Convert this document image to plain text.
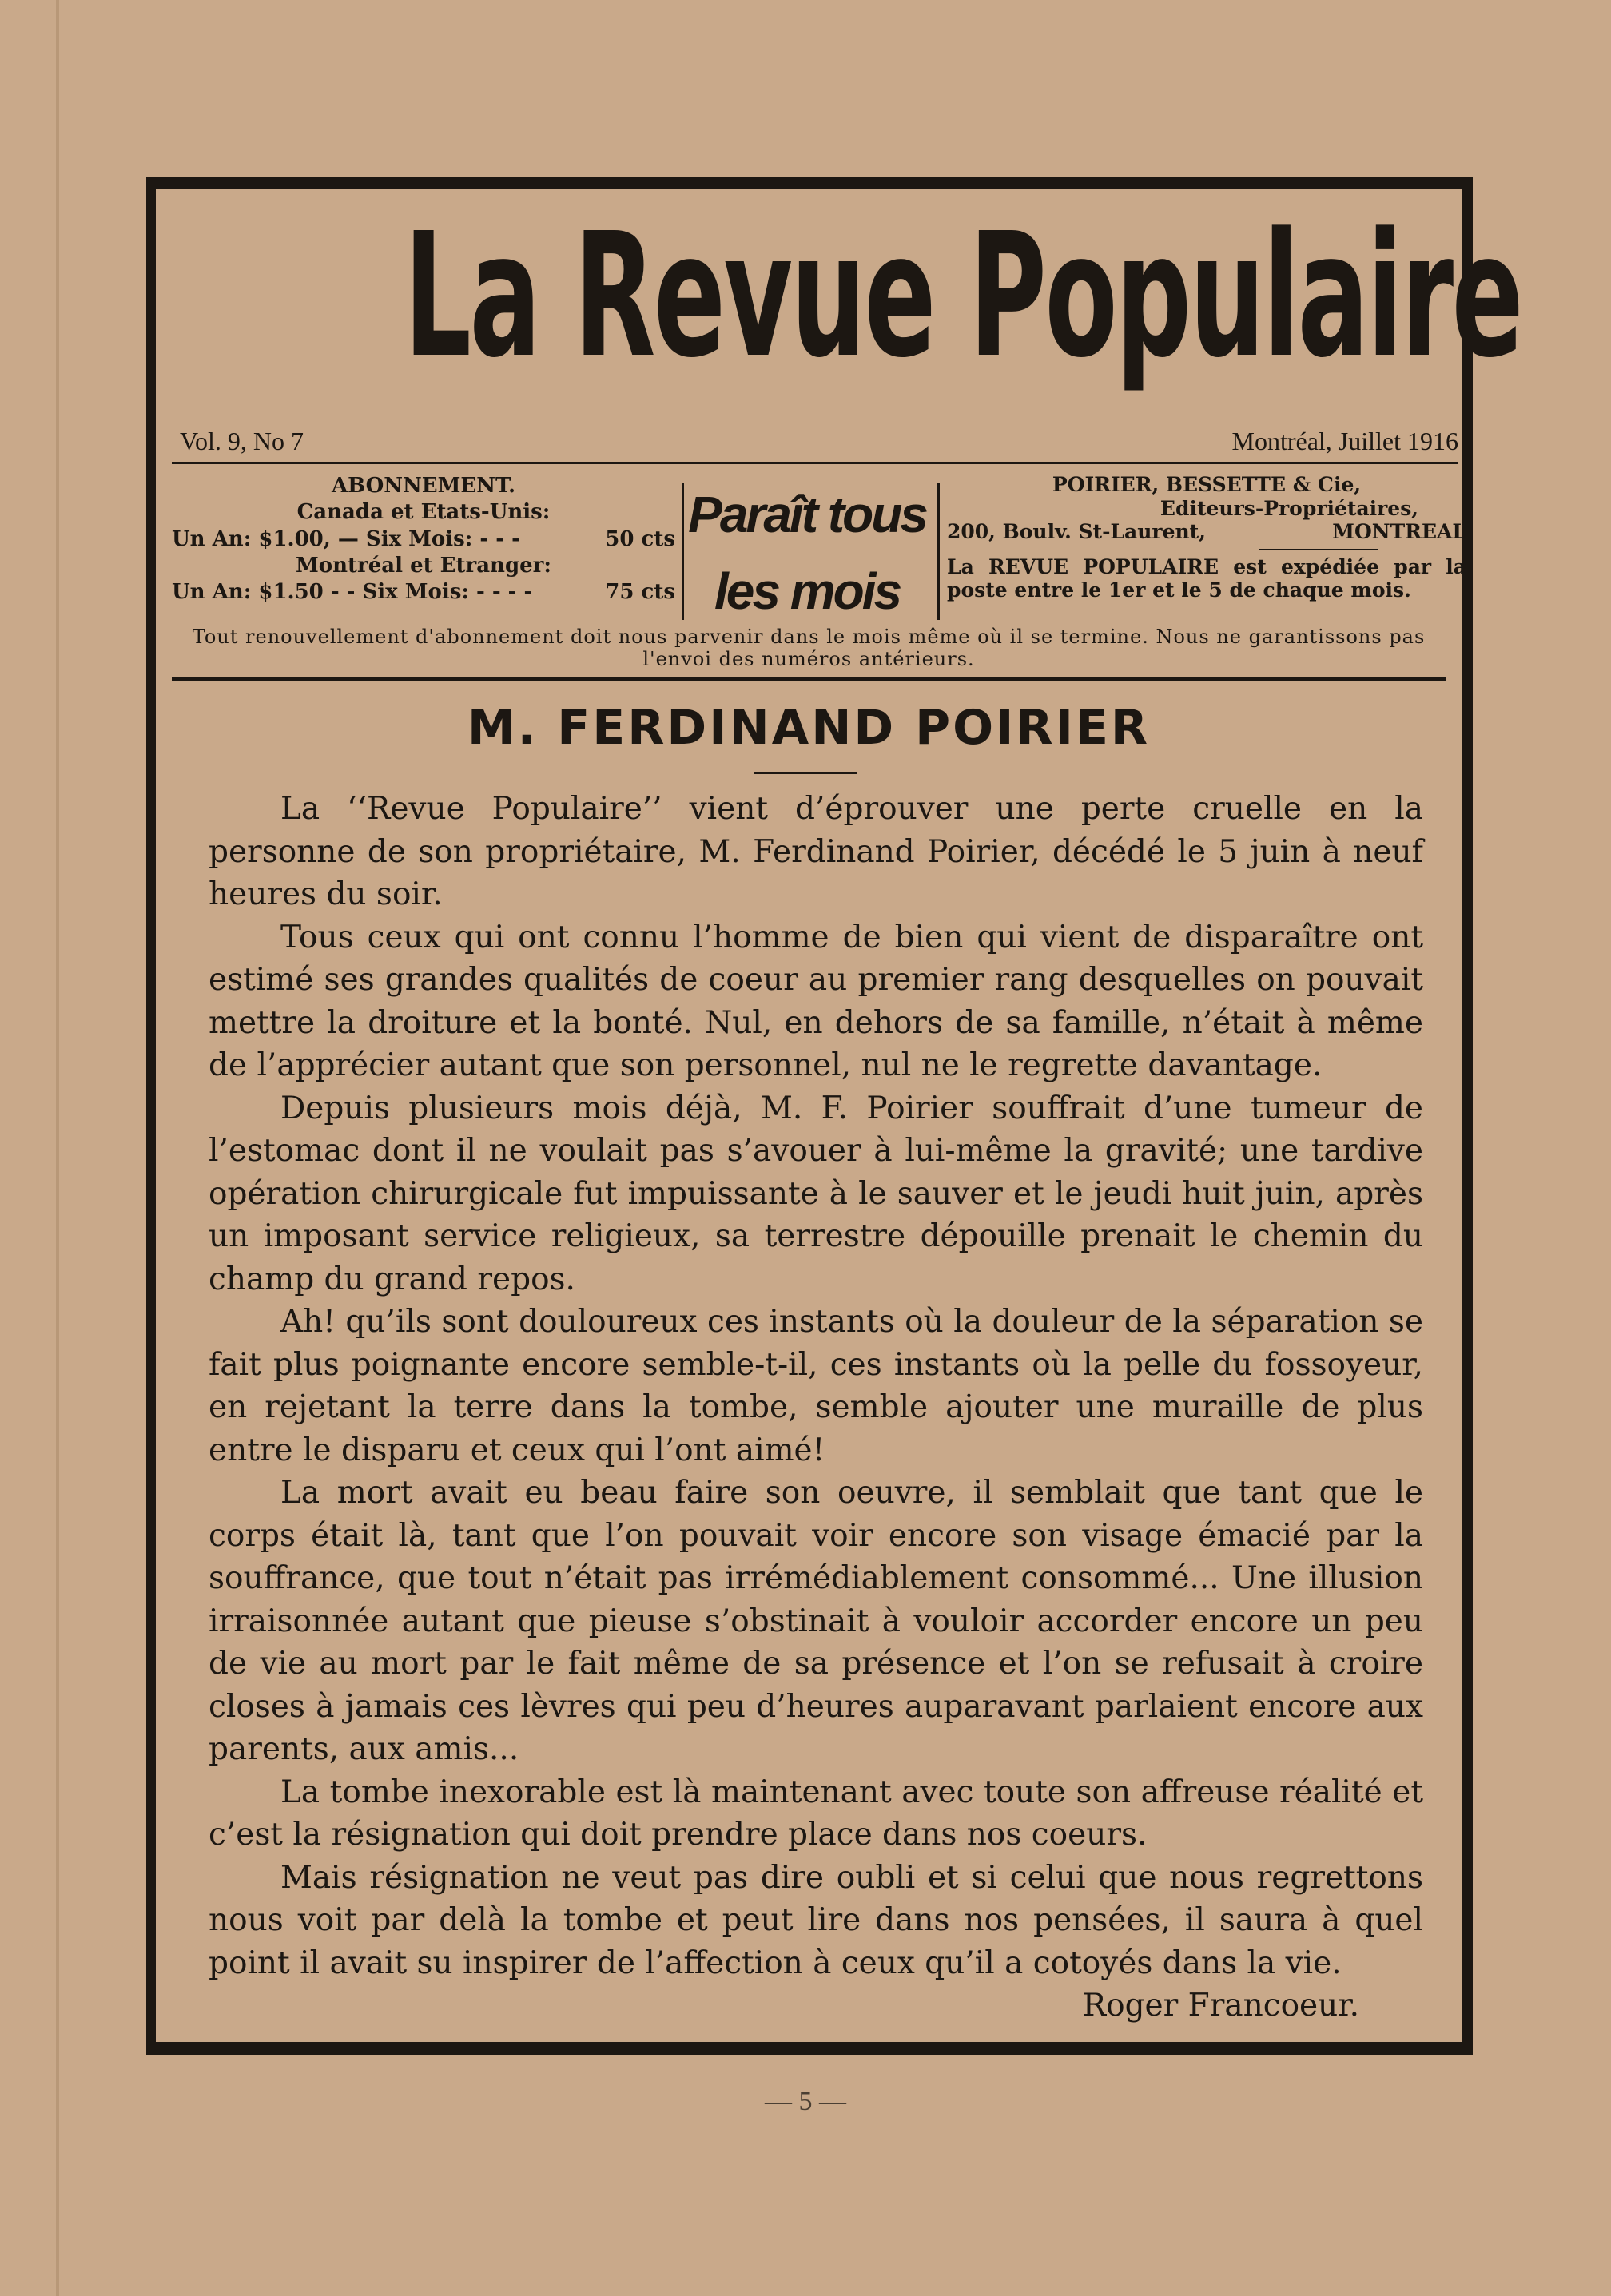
La Revue Populaire
Vol. 9, No 7	Montréal, Juillet 1916
ABONNEMENT.
Canada et Etats-Unis:
Un An: $1.00, — Six Mois: - - -	50 cts
Montréal et Etranger:
Un An: $1.50 - - Six Mois: - - - -	75 cts
Paraît tous
les mois
POIRIER, BESSETTE & Cie,
Editeurs-Propriétaires,
200, Boulv. St-Laurent,	MONTREAL

La REVUE POPULAIRE est expédiée par la poste entre le 1er et le 5 de chaque mois.

Tout renouvellement d'abonnement doit nous parvenir dans le mois même où il se termine. Nous ne garantissons pas l'envoi des numéros antérieurs.
M. FERDINAND POIRIER

La ‘‘Revue Populaire’’ vient d’éprouver une perte cruelle en la personne de son propriétaire, M. Ferdinand Poirier, décédé le 5 juin à neuf heures du soir.

Tous ceux qui ont connu l’homme de bien qui vient de disparaître ont estimé ses grandes qualités de coeur au premier rang desquelles on pouvait mettre la droiture et la bonté. Nul, en dehors de sa famille, n’était à même de l’apprécier autant que son personnel, nul ne le regrette davantage.

Depuis plusieurs mois déjà, M. F. Poirier souffrait d’une tumeur de l’estomac dont il ne voulait pas s’avouer à lui-même la gravité; une tardive opération chirurgicale fut impuissante à le sauver et le jeudi huit juin, après un imposant service religieux, sa terrestre dépouille prenait le chemin du champ du grand repos.

Ah! qu’ils sont douloureux ces instants où la douleur de la séparation se fait plus poignante encore semble-t-il, ces instants où la pelle du fossoyeur, en rejetant la terre dans la tombe, semble ajouter une muraille de plus entre le disparu et ceux qui l’ont aimé!

La mort avait eu beau faire son oeuvre, il semblait que tant que le corps était là, tant que l’on pouvait voir encore son visage émacié par la souffrance, que tout n’était pas irrémédiablement consommé... Une illusion irraisonnée autant que pieuse s’obstinait à vouloir accorder encore un peu de vie au mort par le fait même de sa présence et l’on se refusait à croire closes à jamais ces lèvres qui peu d’heures auparavant parlaient encore aux parents, aux amis...

La tombe inexorable est là maintenant avec toute son affreuse réalité et c’est la résignation qui doit prendre place dans nos coeurs.

Mais résignation ne veut pas dire oubli et si celui que nous regrettons nous voit par delà la tombe et peut lire dans nos pensées, il saura à quel point il avait su inspirer de l’affection à ceux qu’il a cotoyés dans la vie.

Roger Francoeur.

— 5 —
